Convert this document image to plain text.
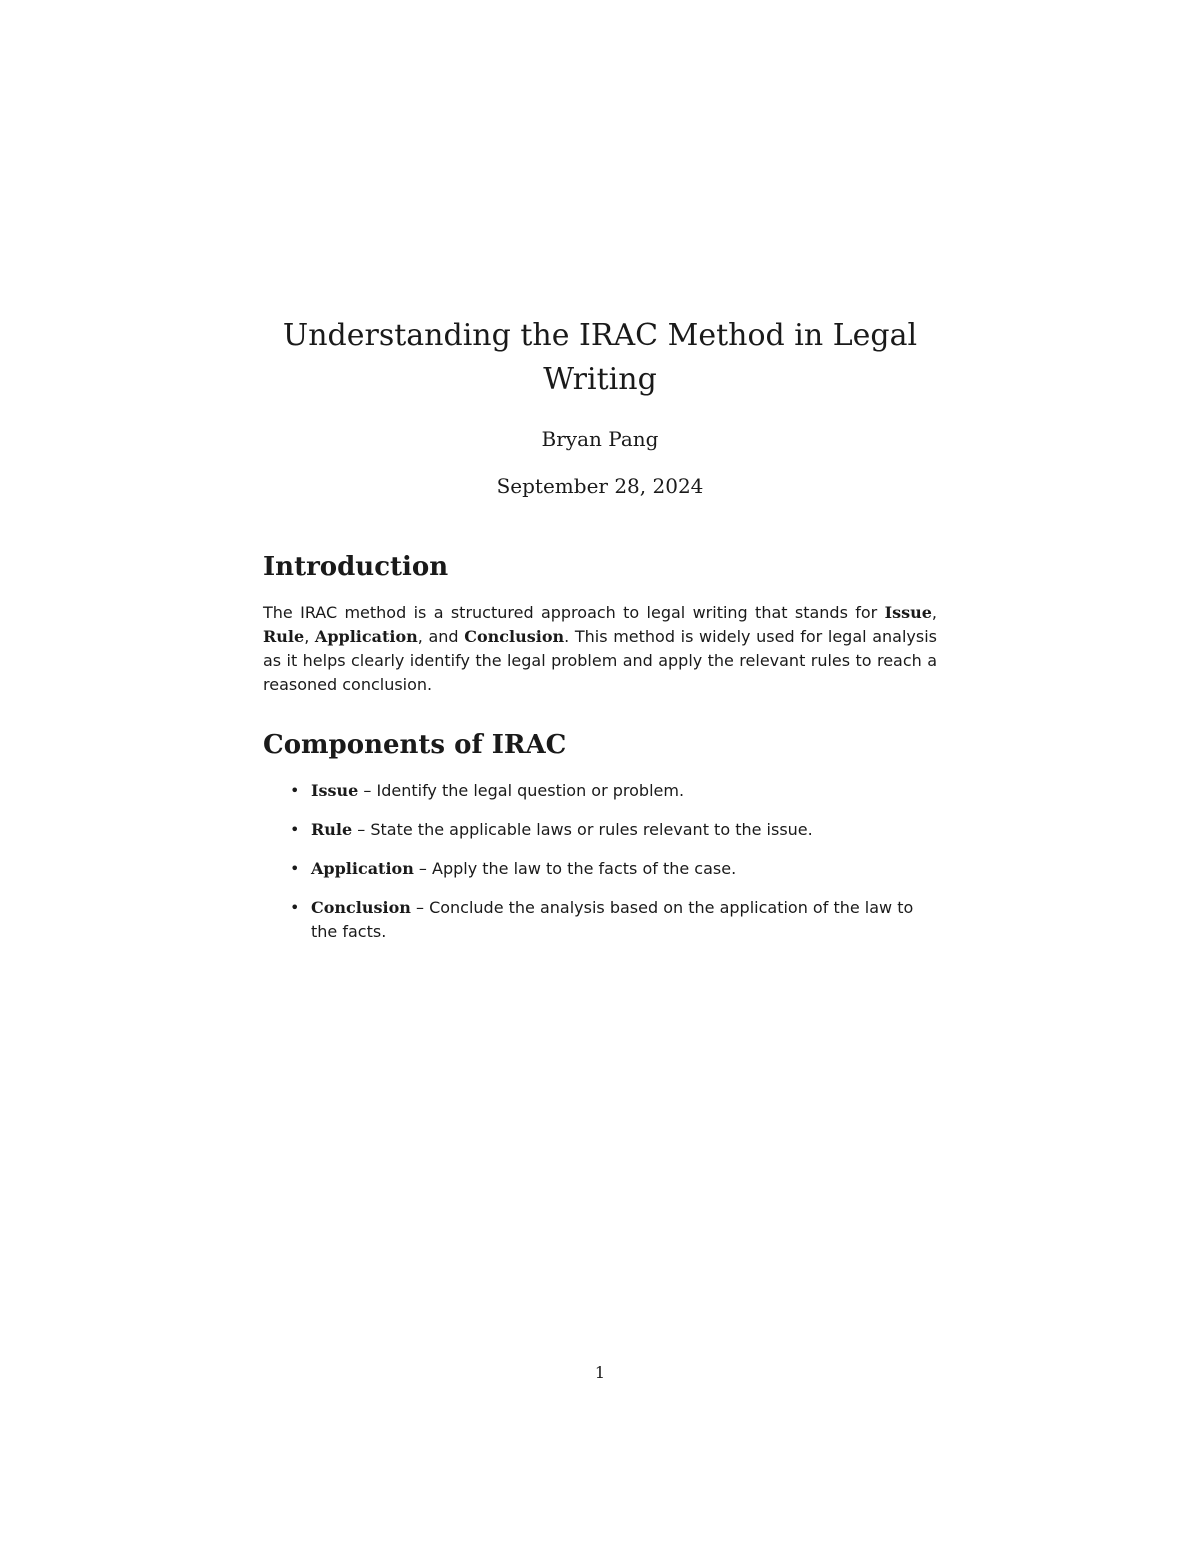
Understanding the IRAC Method in Legal Writing

Bryan Pang

September 28, 2024

Introduction

The IRAC method is a structured approach to legal writing that stands for Issue, Rule, Application, and Conclusion. This method is widely used for legal analysis as it helps clearly identify the legal problem and apply the relevant rules to reach a reasoned conclusion.

Components of IRAC
• Issue – Identify the legal question or problem.
• Rule – State the applicable laws or rules relevant to the issue.
• Application – Apply the law to the facts of the case.
• Conclusion – Conclude the analysis based on the application of the law to the facts.

1
